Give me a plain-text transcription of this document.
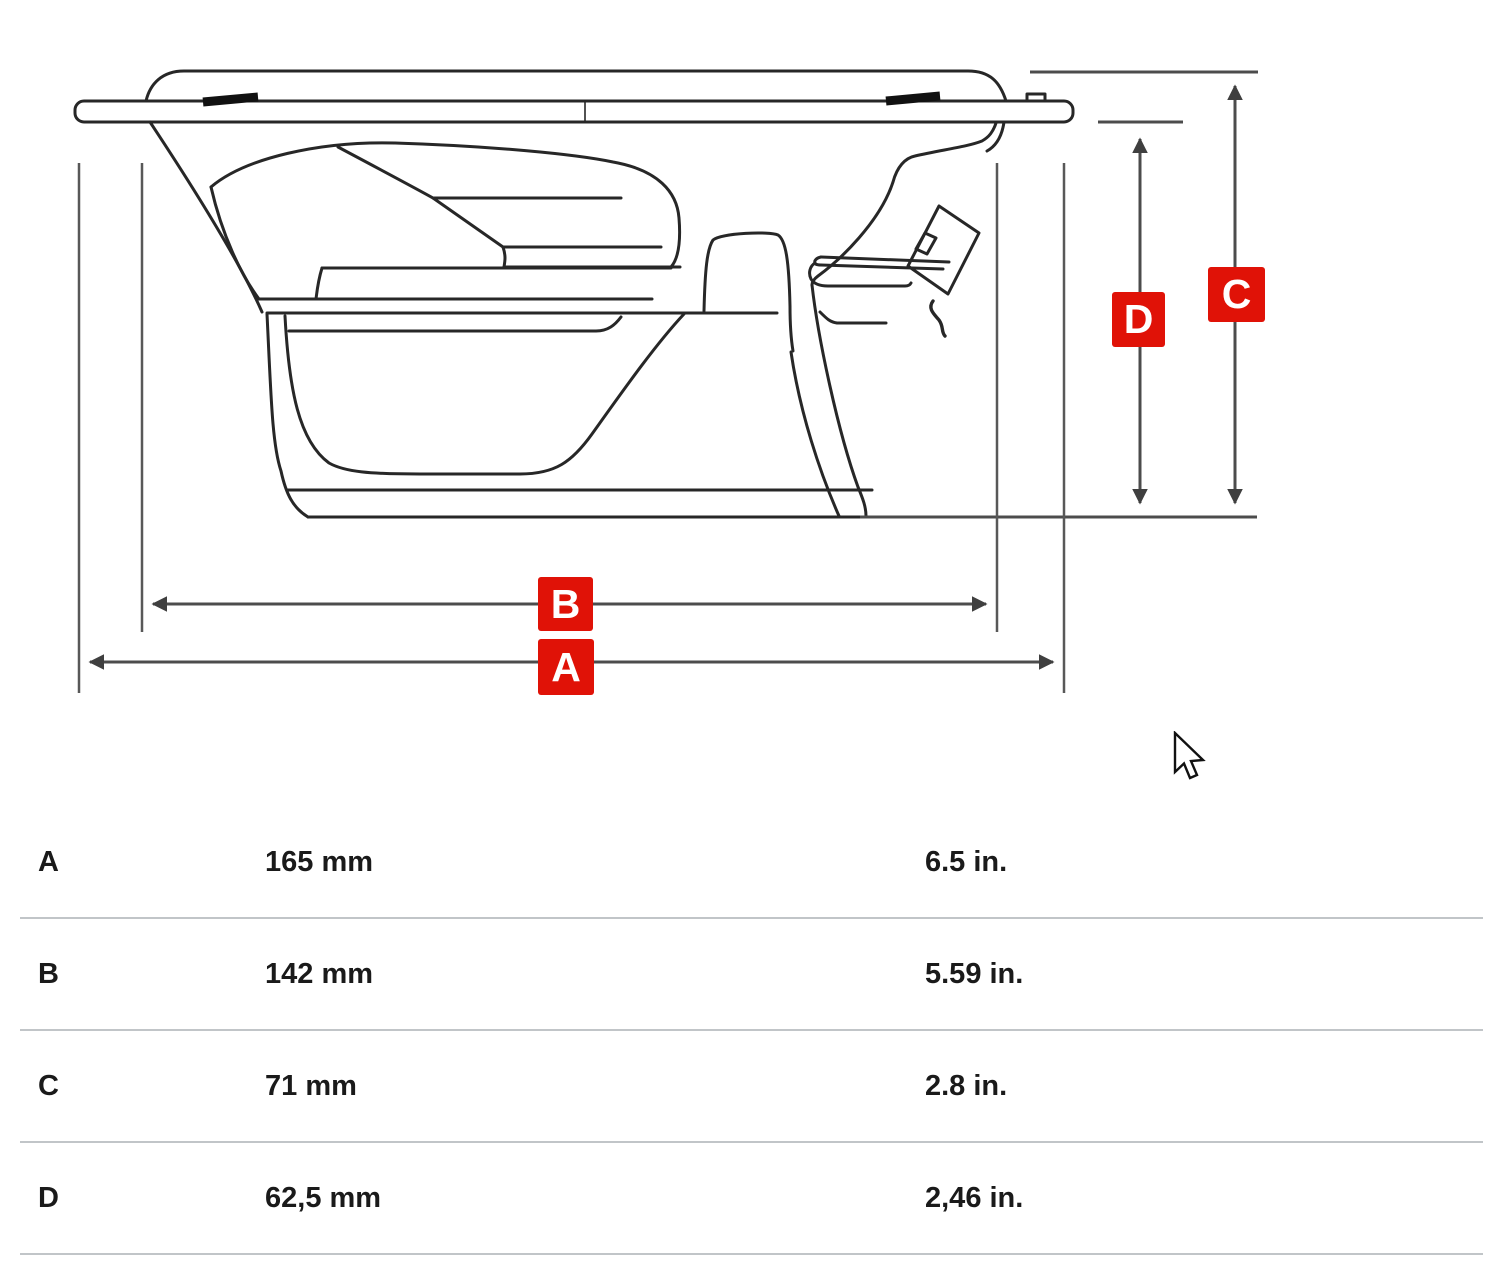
B
A
D
C
A	165 mm	6.5 in.
B	142 mm	5.59 in.
C	71 mm	2.8 in.
D	62,5 mm	2,46 in.
